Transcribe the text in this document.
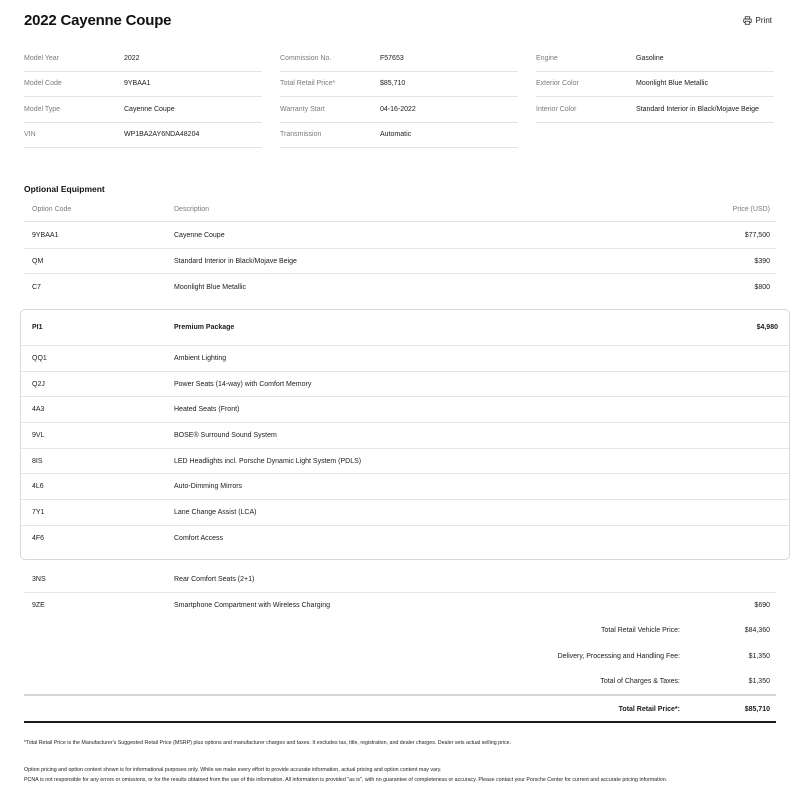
2022 Cayenne Coupe	Print
Model Year	2022
Model Code	9YBAA1
Model Type	Cayenne Coupe
VIN	WP1BA2AY6NDA48204
Commission No.	F57653
Total Retail Price*	$85,710
Warranty Start	04-16-2022
Transmission	Automatic
Engine	Gasoline
Exterior Color	Moonlight Blue Metallic
Interior Color	Standard Interior in Black/Mojave Beige
Optional Equipment
Option Code	Description	Price (USD)
9YBAA1	Cayenne Coupe	$77,500
QM	Standard Interior in Black/Mojave Beige	$390
C7	Moonlight Blue Metallic	$800
PI1	Premium Package	$4,980
QQ1	Ambient Lighting
Q2J	Power Seats (14-way) with Comfort Memory
4A3	Heated Seats (Front)
9VL	BOSE® Surround Sound System
8IS	LED Headlights incl. Porsche Dynamic Light System (PDLS)
4L6	Auto-Dimming Mirrors
7Y1	Lane Change Assist (LCA)
4F6	Comfort Access
3NS	Rear Comfort Seats (2+1)
9ZE	Smartphone Compartment with Wireless Charging	$690
Total Retail Vehicle Price:	$84,360
Delivery, Processing and Handling Fee:	$1,350
Total of Charges & Taxes:	$1,350
Total Retail Price*:	$85,710

*Total Retail Price is the Manufacturer's Suggested Retail Price (MSRP) plus options and manufacturer charges and taxes. It excludes tax, title, registration, and dealer charges. Dealer sets actual selling price.

Option pricing and option content shown is for informational purposes only. While we make every effort to provide accurate information, actual pricing and option content may vary.

PCNA is not responsible for any errors or omissions, or for the results obtained from the use of this information. All information is provided "as is", with no guarantee of completeness or accuracy. Please contact your Porsche Center for current and accurate pricing information.
